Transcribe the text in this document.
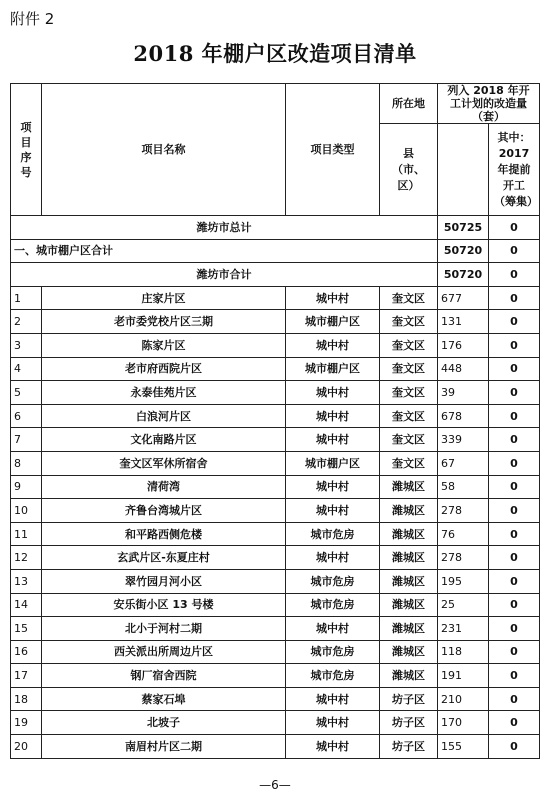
附件 2
2018 年棚户区改造项目清单
项目序号	项目名称	项目类型	所在地	列入 2018 年开工计划的改造量（套）	
			县（市、区）		其中：2017 年提前开工（筹集）
潍坊市总计				50725	0
一、城市棚户区合计				50720	0
潍坊市合计				50720	0
1	庄家片区	城中村	奎文区	677	0
2	老市委党校片区三期	城市棚户区	奎文区	131	0
3	陈家片区	城中村	奎文区	176	0
4	老市府西院片区	城市棚户区	奎文区	448	0
5	永泰佳苑片区	城中村	奎文区	39	0
6	白浪河片区	城中村	奎文区	678	0
7	文化南路片区	城中村	奎文区	339	0
8	奎文区军休所宿舍	城市棚户区	奎文区	67	0
9	清荷湾	城中村	潍城区	58	0
10	齐鲁台湾城片区	城中村	潍城区	278	0
11	和平路西侧危楼	城市危房	潍城区	76	0
12	玄武片区-东夏庄村	城中村	潍城区	278	0
13	翠竹园月河小区	城市危房	潍城区	195	0
14	安乐街小区 13 号楼	城市危房	潍城区	25	0
15	北小于河村二期	城中村	潍城区	231	0
16	西关派出所周边片区	城市危房	潍城区	118	0
17	钢厂宿舍西院	城市危房	潍城区	191	0
18	蔡家石埠	城中村	坊子区	210	0
19	北坡子	城中村	坊子区	170	0
20	南眉村片区二期	城中村	坊子区	155	0
—6—
